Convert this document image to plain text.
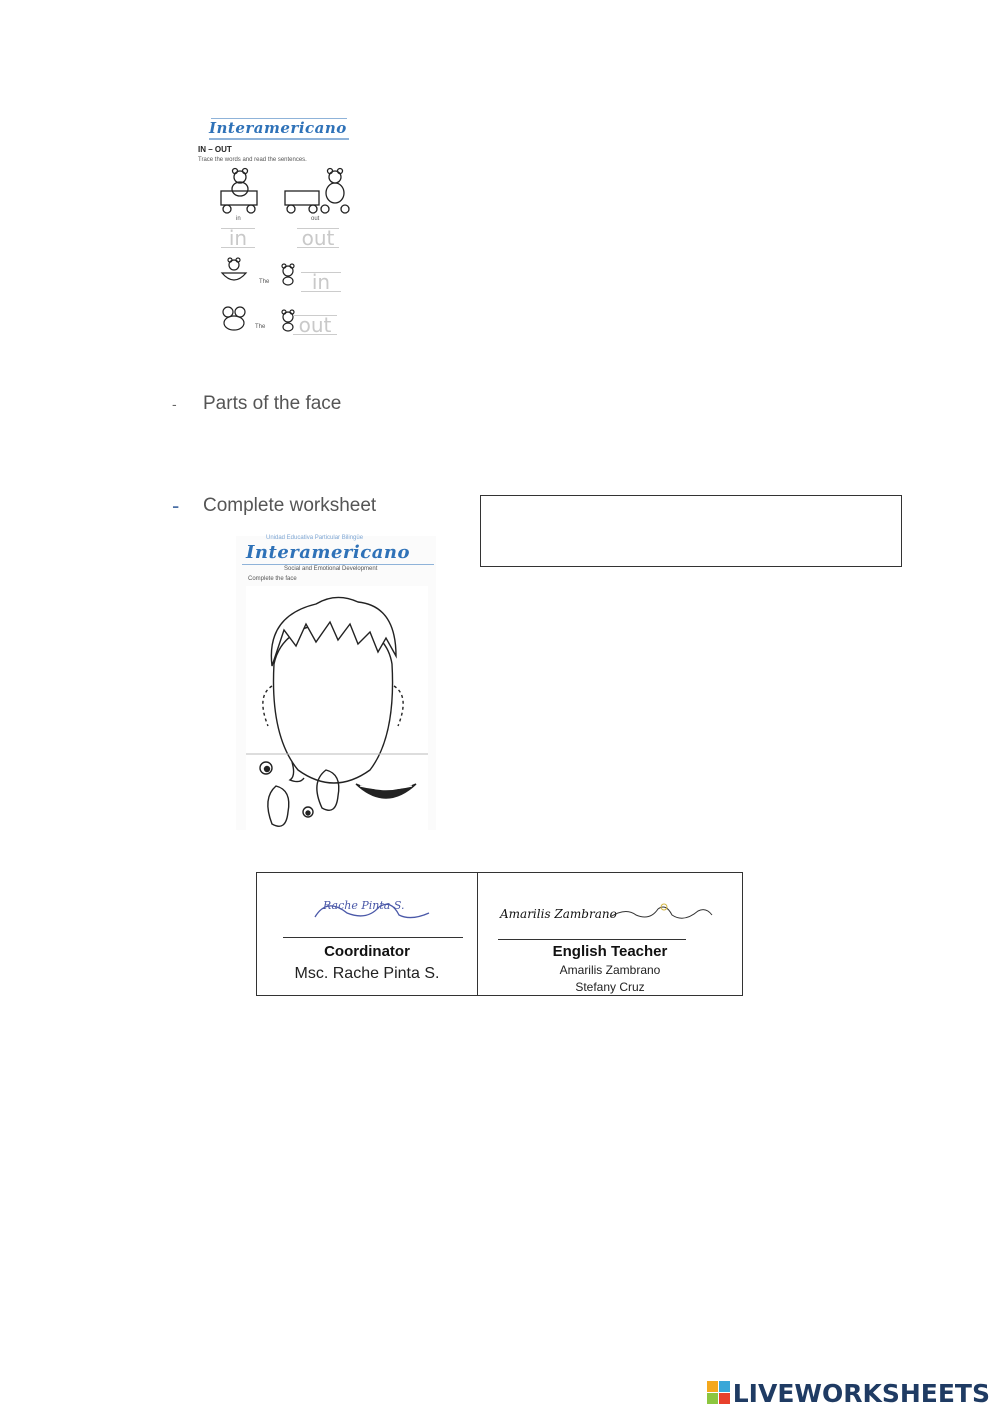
Interamericano
IN – OUT
Trace the words and read the sentences.
in	out
in	out
The	in
The out
- Parts of the face
- Complete worksheet
Unidad Educativa Particular Bilingüe
Interamericano
Social and Emotional Development
Complete the face
Rache Pinta S.
Coordinator
Msc. Rache Pinta S.
Amarilis Zambrano
English Teacher
Amarilis Zambrano
Stefany Cruz
LIVEWORKSHEETS
